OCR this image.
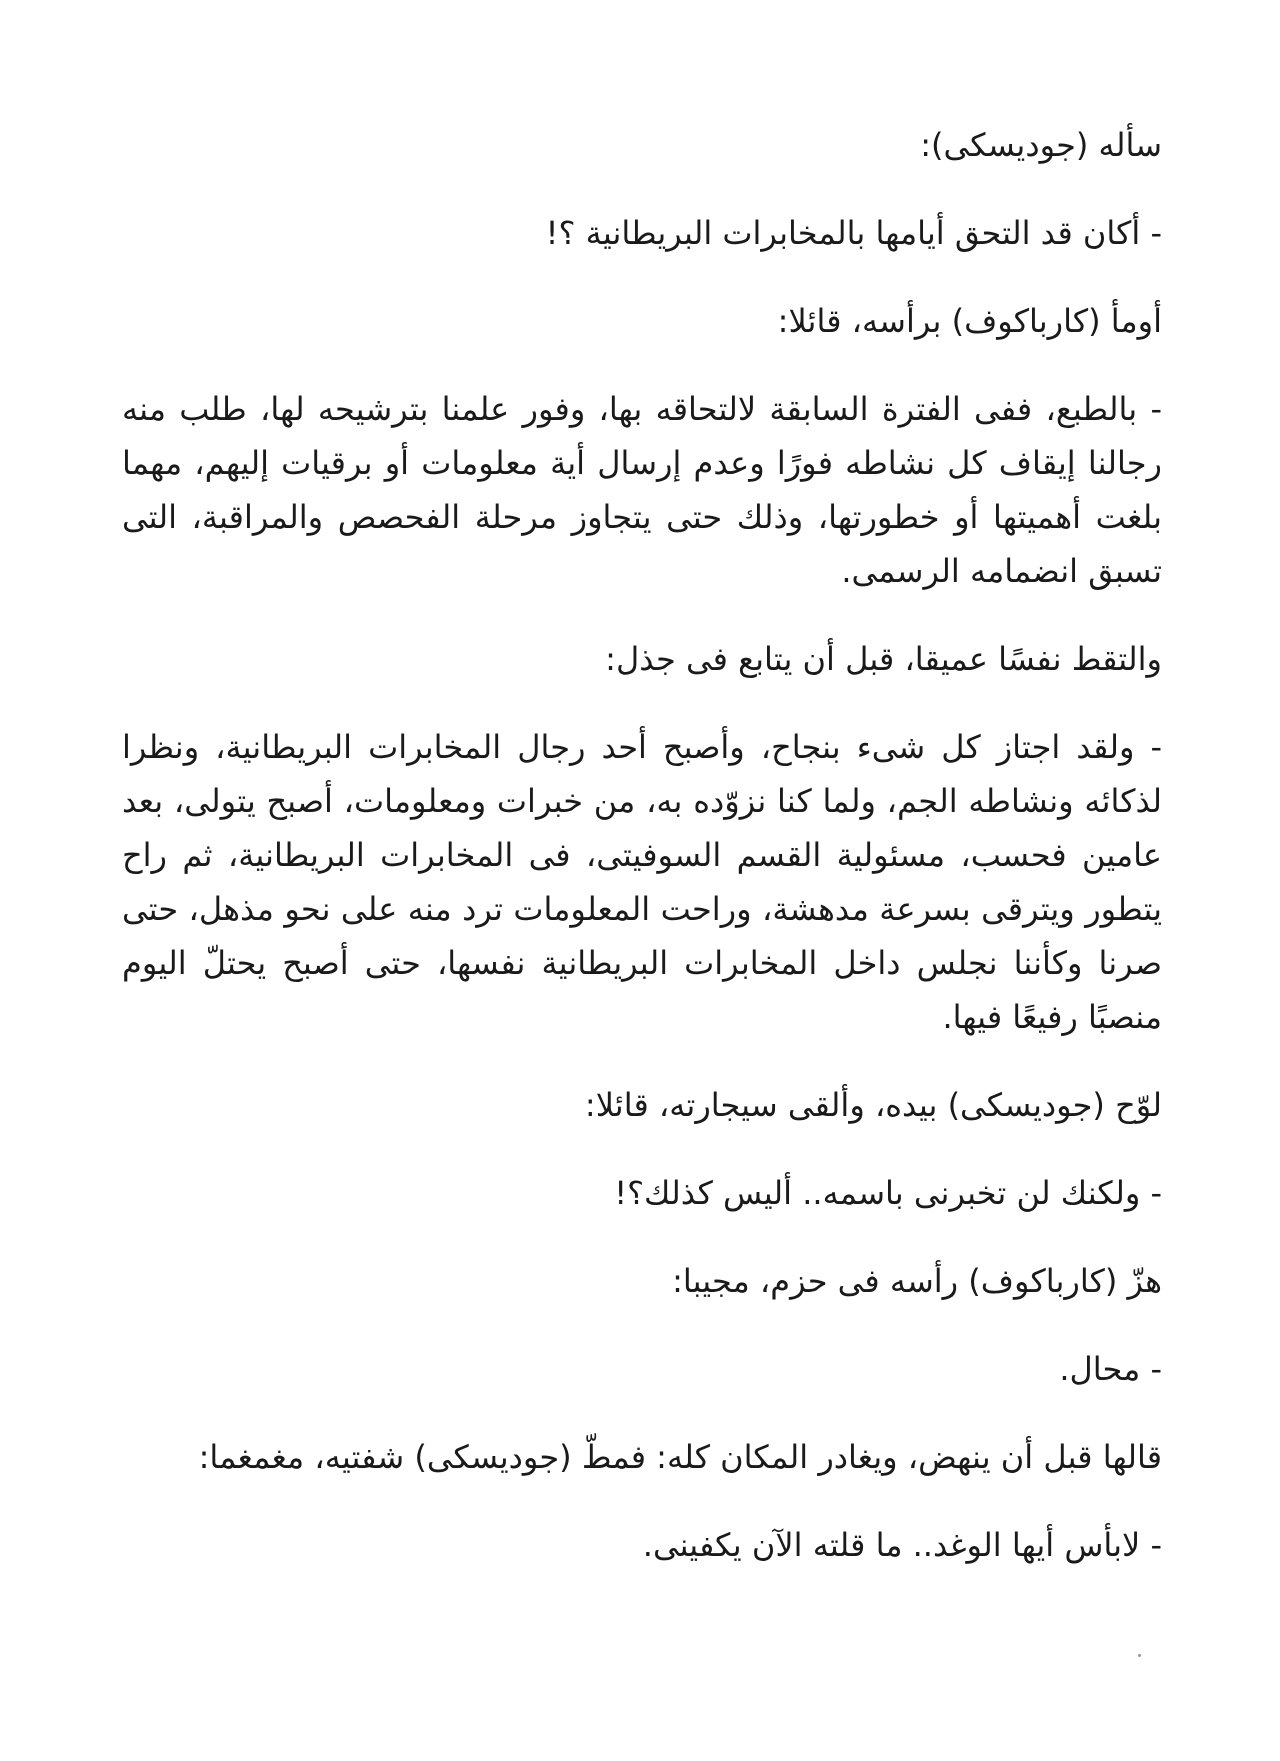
سأله (جوديسكى):

- أكان قد التحق أيامها بالمخابرات البريطانية ؟!

أومأ (كارباكوف) برأسه، قائلا:

- بالطبع، ففى الفترة السابقة لالتحاقه بها، وفور علمنا بترشيحه لها، طلب منه رجالنا إيقاف كل نشاطه فورًا وعدم إرسال أية معلومات أو برقيات إليهم، مهما بلغت أهميتها أو خطورتها، وذلك حتى يتجاوز مرحلة الفحصص والمراقبة، التى تسبق انضمامه الرسمى.

والتقط نفسًا عميقا، قبل أن يتابع فى جذل:

- ولقد اجتاز كل شىء بنجاح، وأصبح أحد رجال المخابرات البريطانية، ونظرا لذكائه ونشاطه الجم، ولما كنا نزوّده به، من خبرات ومعلومات، أصبح يتولى، بعد عامين فحسب، مسئولية القسم السوفيتى، فى المخابرات البريطانية، ثم راح يتطور ويترقى بسرعة مدهشة، وراحت المعلومات ترد منه على نحو مذهل، حتى صرنا وكأننا نجلس داخل المخابرات البريطانية نفسها، حتى أصبح يحتلّ اليوم منصبًا رفيعًا فيها.

لوّح (جوديسكى) بيده، وألقى سيجارته، قائلا:

- ولكنك لن تخبرنى باسمه.. أليس كذلك؟!

هزّ (كارباكوف) رأسه فى حزم، مجيبا:

- محال.

قالها قبل أن ينهض، ويغادر المكان كله: فمطّ (جوديسكى) شفتيه، مغمغما:

- لابأس أيها الوغد.. ما قلته الآن يكفينى.
